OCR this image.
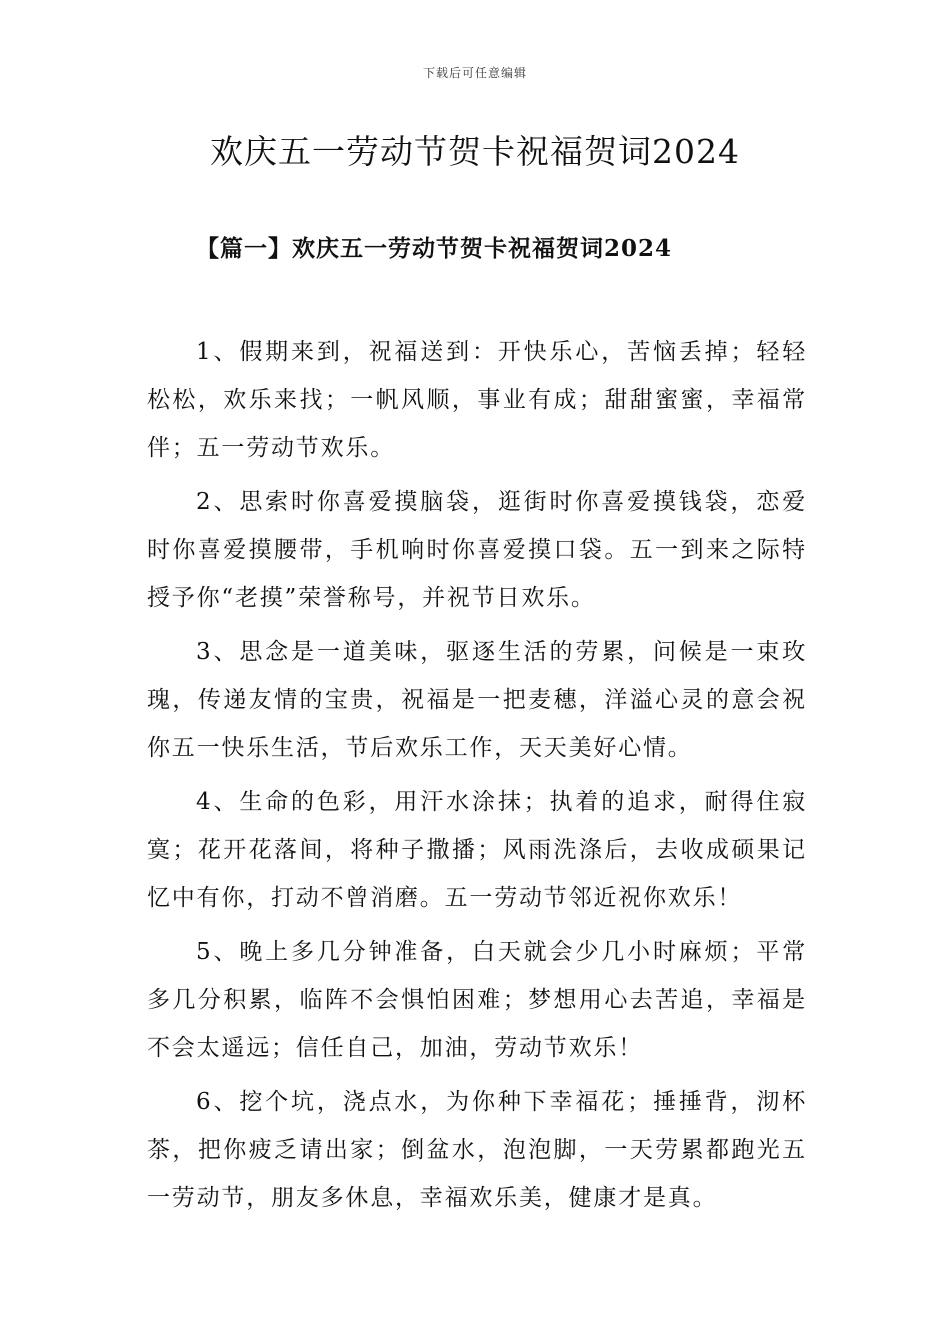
下载后可任意编辑
欢庆五一劳动节贺卡祝福贺词2024
【篇一】欢庆五一劳动节贺卡祝福贺词2024

1、假期来到，祝福送到：开快乐心，苦恼丢掉；轻轻松松，欢乐来找；一帆风顺，事业有成；甜甜蜜蜜，幸福常伴；五一劳动节欢乐。

2、思索时你喜爱摸脑袋，逛街时你喜爱摸钱袋，恋爱时你喜爱摸腰带，手机响时你喜爱摸口袋。五一到来之际特授予你“老摸”荣誉称号，并祝节日欢乐。

3、思念是一道美味，驱逐生活的劳累，问候是一束玫瑰，传递友情的宝贵，祝福是一把麦穗，洋溢心灵的意会祝你五一快乐生活，节后欢乐工作，天天美好心情。

4、生命的色彩，用汗水涂抹；执着的追求，耐得住寂寞；花开花落间，将种子撒播；风雨洗涤后，去收成硕果记忆中有你，打动不曾消磨。五一劳动节邻近祝你欢乐！

5、晚上多几分钟准备，白天就会少几小时麻烦；平常多几分积累，临阵不会惧怕困难；梦想用心去苦追，幸福是不会太遥远；信任自己，加油，劳动节欢乐！

6、挖个坑，浇点水，为你种下幸福花；捶捶背，沏杯茶，把你疲乏请出家；倒盆水，泡泡脚，一天劳累都跑光五一劳动节，朋友多休息，幸福欢乐美，健康才是真。
